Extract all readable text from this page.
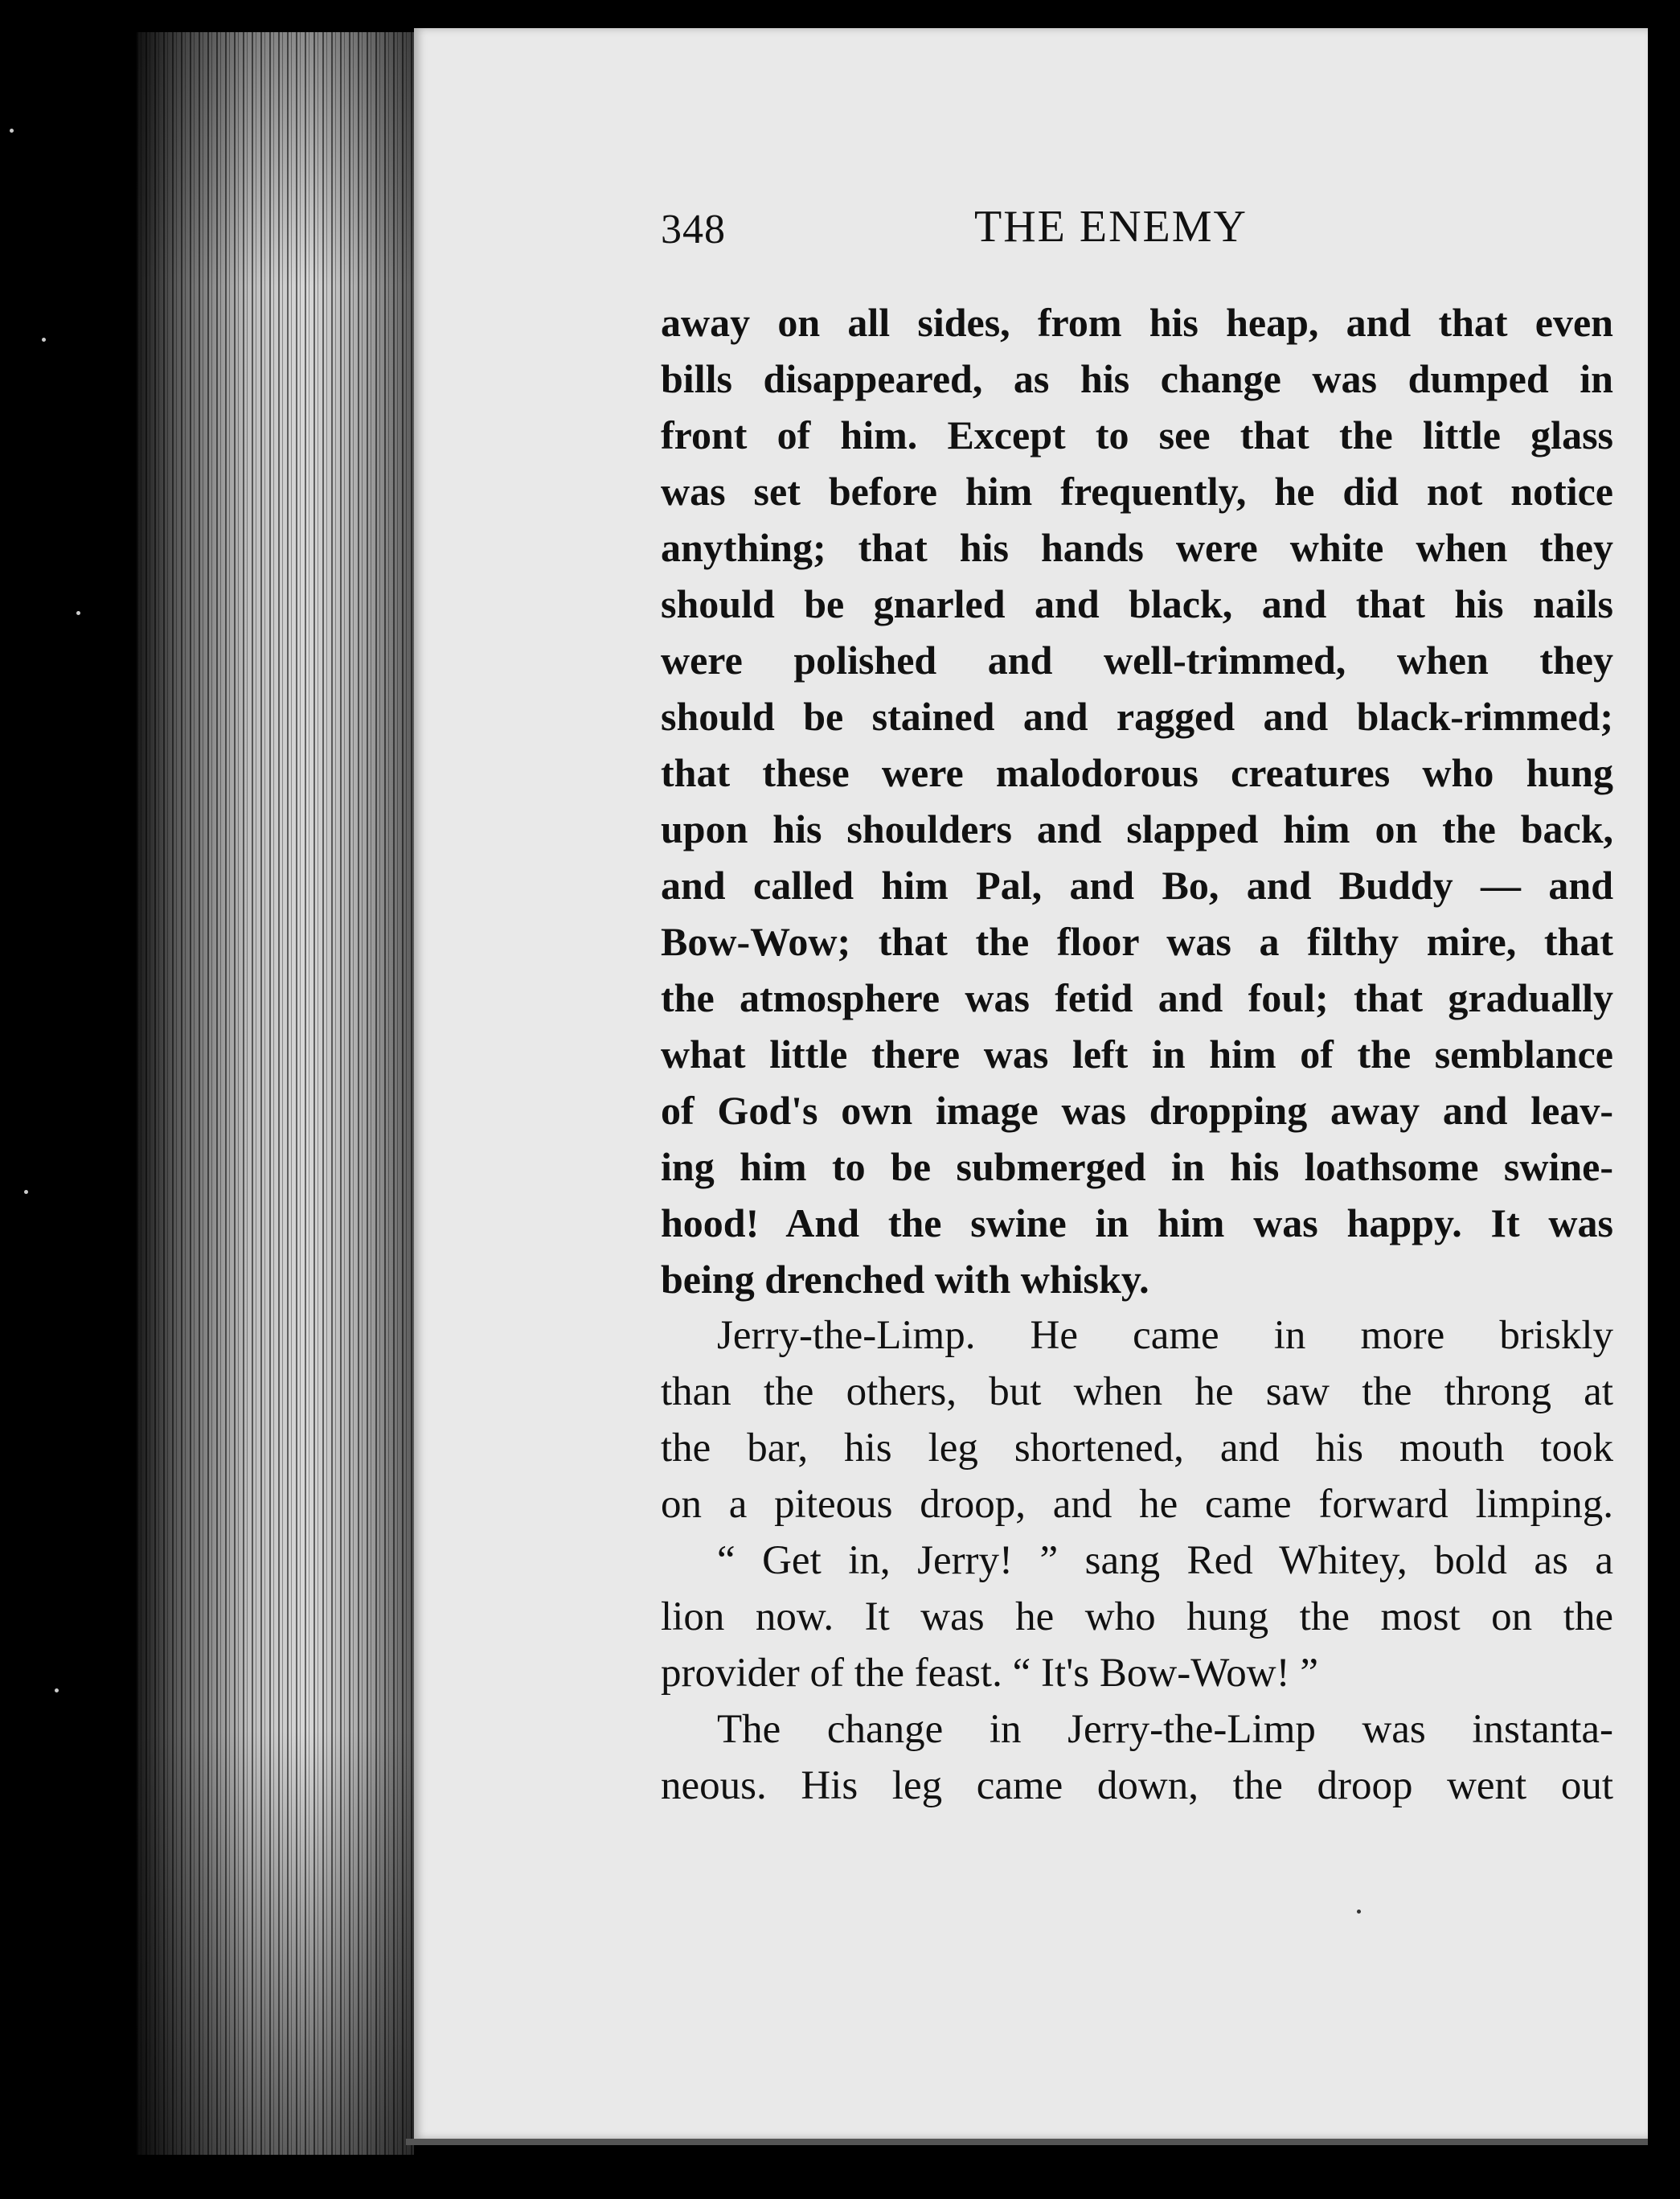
348	THE ENEMY
away on all sides, from his heap, and that even
bills disappeared, as his change was dumped in
front of him. Except to see that the little glass
was set before him frequently, he did not notice
anything; that his hands were white when they
should be gnarled and black, and that his nails
were polished and well-trimmed, when they
should be stained and ragged and black-rimmed;
that these were malodorous creatures who hung
upon his shoulders and slapped him on the back,
and called him Pal, and Bo, and Buddy — and
Bow-Wow; that the floor was a filthy mire, that
the atmosphere was fetid and foul; that gradually
what little there was left in him of the semblance
of God's own image was dropping away and leav-
ing him to be submerged in his loathsome swine-
hood! And the swine in him was happy. It was
being drenched with whisky.
Jerry-the-Limp. He came in more briskly
than the others, but when he saw the throng at
the bar, his leg shortened, and his mouth took
on a piteous droop, and he came forward limping.
“ Get in, Jerry! ” sang Red Whitey, bold as a
lion now. It was he who hung the most on the
provider of the feast. “ It's Bow-Wow! ”
The change in Jerry-the-Limp was instanta-
neous. His leg came down, the droop went out
